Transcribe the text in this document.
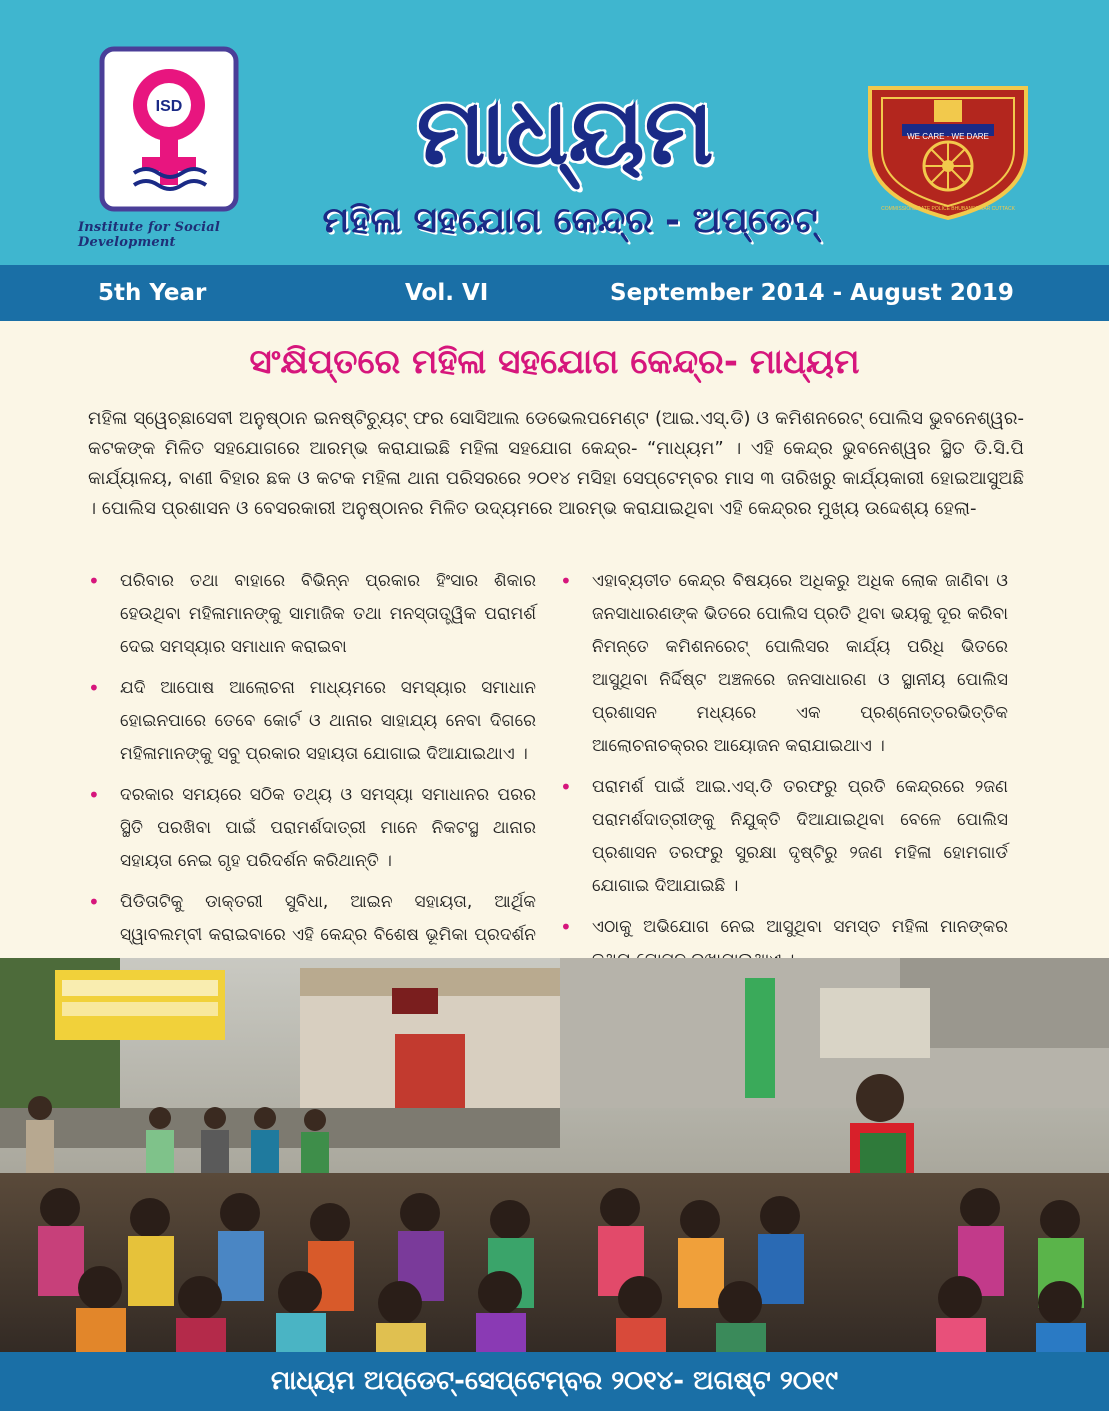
ISD
Institute for Social Development
ମାଧ୍ୟମ
ମହିଳା ସହଯୋଗ କେନ୍ଦ୍ର - ଅପ୍‌ଡେଟ୍
WE CARE · WE DARE
COMMISSIONERATE POLICE BHUBANESWAR CUTTACK
5th Year	Vol. VI	September 2014 - August 2019
ସଂକ୍ଷିପ୍ତରେ ମହିଳା ସହଯୋଗ କେନ୍ଦ୍ର- ମାଧ୍ୟମ
ମହିଳା ସ୍ୱେଚ୍ଛାସେବୀ ଅନୁଷ୍ଠାନ ଇନଷ୍ଟିଚ୍ୟୁଟ୍ ଫର ସୋସିଆଲ ଡେଭେଲପମେଣ୍ଟ (ଆଇ.ଏସ୍.ଡି) ଓ କମିଶନରେଟ୍ ପୋଲିସ ଭୁବନେଶ୍ୱର-କଟକଙ୍କ ମିଳିତ ସହଯୋଗରେ ଆରମ୍ଭ କରାଯାଇଛି ମହିଳା ସହଯୋଗ କେନ୍ଦ୍ର- “ମାଧ୍ୟମ” । ଏହି କେନ୍ଦ୍ର ଭୁବନେଶ୍ୱର ସ୍ଥିତ ଡି.ସି.ପି କାର୍ଯ୍ୟାଳୟ, ବାଣୀ ବିହାର ଛକ ଓ କଟକ ମହିଳା ଥାନା ପରିସରରେ ୨୦୧୪ ମସିହା ସେପ୍ଟେମ୍ବର ମାସ ୩ ତାରିଖରୁ କାର୍ଯ୍ୟକାରୀ ହୋଇଆସୁଅଛି । ପୋଲିସ ପ୍ରଶାସନ ଓ ବେସରକାରୀ ଅନୁଷ୍ଠାନର ମିଳିତ ଉଦ୍ୟମରେ ଆରମ୍ଭ କରାଯାଇଥିବା ଏହି କେନ୍ଦ୍ରର ମୁଖ୍ୟ ଉଦ୍ଦେଶ୍ୟ ହେଲା-
• ପରିବାର ତଥା ବାହାରେ ବିଭିନ୍ନ ପ୍ରକାର ହିଂସାର ଶିକାର ହେଉଥିବା ମହିଳାମାନଙ୍କୁ ସାମାଜିକ ତଥା ମନସ୍ତାତ୍ତ୍ୱିକ ପରାମର୍ଶ ଦେଇ ସମସ୍ୟାର ସମାଧାନ କରାଇବା
• ଯଦି ଆପୋଷ ଆଲୋଚନା ମାଧ୍ୟମରେ ସମସ୍ୟାର ସମାଧାନ ହୋଇନପାରେ ତେବେ କୋର୍ଟ ଓ ଥାନାର ସାହାଯ୍ୟ ନେବା ଦିଗରେ ମହିଳାମାନଙ୍କୁ ସବୁ ପ୍ରକାର ସହାୟତା ଯୋଗାଇ ଦିଆଯାଇଥାଏ ।
• ଦରକାର ସମୟରେ ସଠିକ ତଥ୍ୟ ଓ ସମସ୍ୟା ସମାଧାନର ପରର ସ୍ଥିତି ପରଖିବା ପାଇଁ ପରାମର୍ଶଦାତ୍ରୀ ମାନେ ନିକଟସ୍ଥ ଥାନାର ସହାୟତା ନେଇ ଗୃହ ପରିଦର୍ଶନ କରିଥାନ୍ତି ।
• ପିଡିତାଟିକୁ ଡାକ୍ତରୀ ସୁବିଧା, ଆଇନ ସହାୟତା, ଆର୍ଥିକ ସ୍ୱାବଲମ୍ବୀ କରାଇବାରେ ଏହି କେନ୍ଦ୍ର ବିଶେଷ ଭୂମିକା ପ୍ରଦର୍ଶନ
• ଏହାବ୍ୟତୀତ କେନ୍ଦ୍ର ବିଷୟରେ ଅଧିକରୁ ଅଧିକ ଲୋକ ଜାଣିବା ଓ ଜନସାଧାରଣଙ୍କ ଭିତରେ ପୋଲିସ ପ୍ରତି ଥିବା ଭୟକୁ ଦୂର କରିବା ନିମନ୍ତେ କମିଶନରେଟ୍ ପୋଲିସର କାର୍ଯ୍ୟ ପରିଧି ଭିତରେ ଆସୁଥିବା ନିର୍ଦ୍ଦିଷ୍ଟ ଅଞ୍ଚଳରେ ଜନସାଧାରଣ ଓ ସ୍ଥାନୀୟ ପୋଲିସ ପ୍ରଶାସନ ମଧ୍ୟରେ ଏକ ପ୍ରଶ୍ନୋତ୍ତରଭିତ୍ତିକ ଆଲୋଚନାଚକ୍ରର ଆୟୋଜନ କରାଯାଇଥାଏ ।
• ପରାମର୍ଶ ପାଇଁ ଆଇ.ଏସ୍.ଡି ତରଫରୁ ପ୍ରତି କେନ୍ଦ୍ରରେ ୨ଜଣ ପରାମର୍ଶଦାତ୍ରୀଙ୍କୁ ନିଯୁକ୍ତି ଦିଆଯାଇଥିବା ବେଳେ ପୋଲିସ ପ୍ରଶାସନ ତରଫରୁ ସୁରକ୍ଷା ଦୃଷ୍ଟିରୁ ୨ଜଣ ମହିଳା ହୋମଗାର୍ଡ ଯୋଗାଇ ଦିଆଯାଇଛି ।
• ଏଠାକୁ ଅଭିଯୋଗ ନେଇ ଆସୁଥିବା ସମସ୍ତ ମହିଳା ମାନଙ୍କର
ମାଧ୍ୟମ ଅପ୍‌ଡେଟ୍-ସେପ୍ଟେମ୍ବର ୨୦୧୪- ଅଗଷ୍ଟ ୨୦୧୯
